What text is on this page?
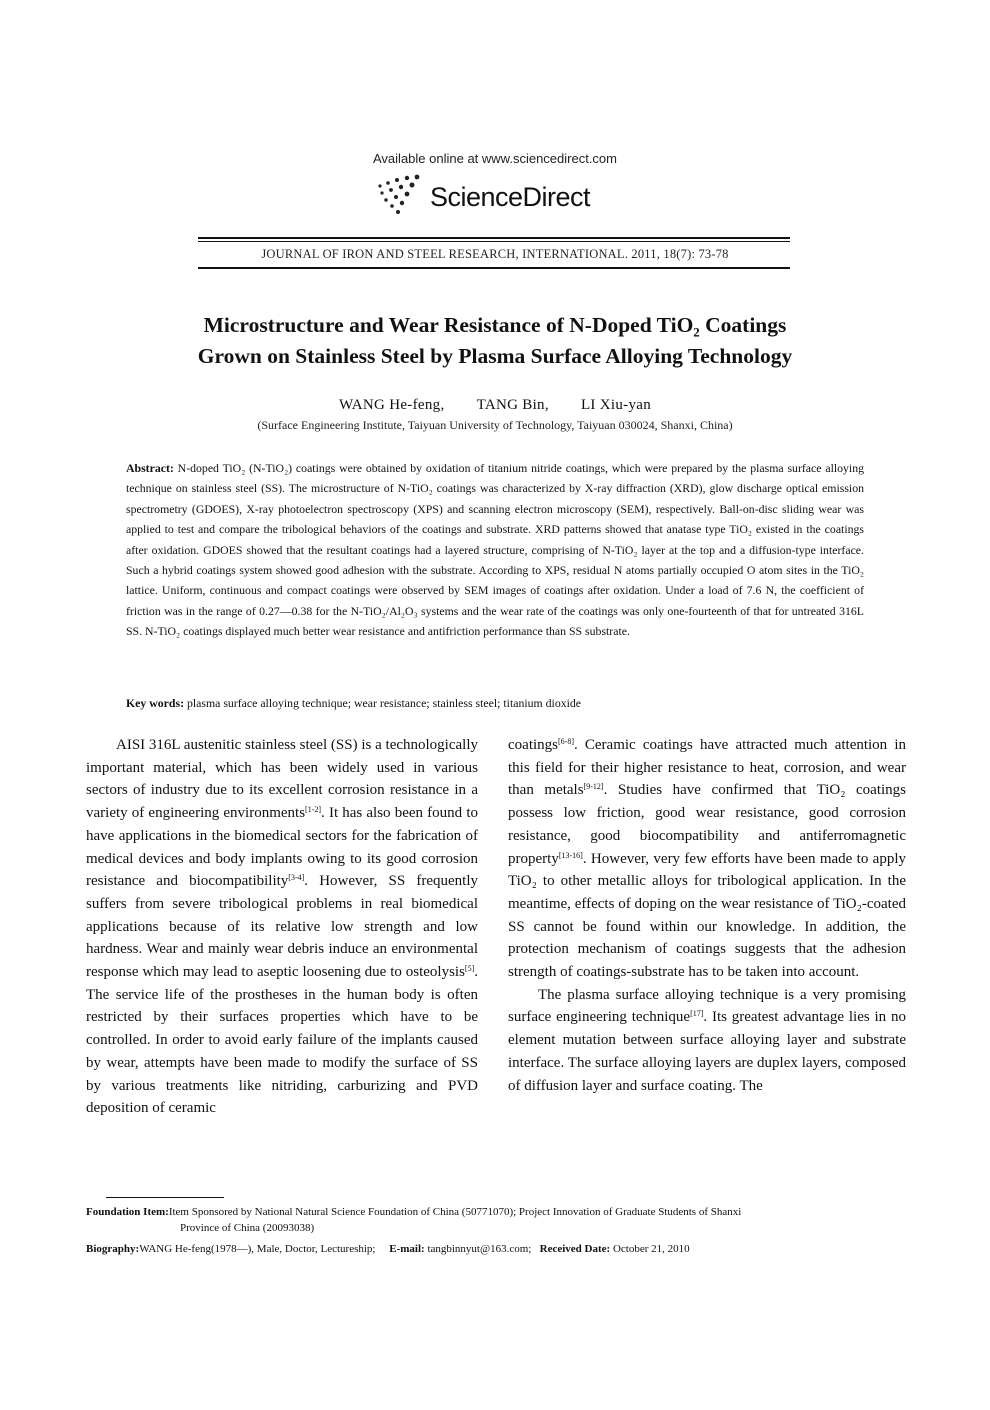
Available online at www.sciencedirect.com
ScienceDirect
JOURNAL OF IRON AND STEEL RESEARCH, INTERNATIONAL. 2011, 18(7): 73-78
Microstructure and Wear Resistance of N-Doped TiO₂ Coatings
Grown on Stainless Steel by Plasma Surface Alloying Technology
WANG He-feng, TANG Bin, LI Xiu-yan
(Surface Engineering Institute, Taiyuan University of Technology, Taiyuan 030024, Shanxi, China)
Abstract: N-doped TiO₂ (N-TiO₂) coatings were obtained by oxidation of titanium nitride coatings, which were prepared by the plasma surface alloying technique on stainless steel (SS). The microstructure of N-TiO₂ coatings was characterized by X-ray diffraction (XRD), glow discharge optical emission spectrometry (GDOES), X-ray photoelectron spectroscopy (XPS) and scanning electron microscopy (SEM), respectively. Ball-on-disc sliding wear was applied to test and compare the tribological behaviors of the coatings and substrate. XRD patterns showed that anatase type TiO₂ existed in the coatings after oxidation. GDOES showed that the resultant coatings had a layered structure, comprising of N-TiO₂ layer at the top and a diffusion-type interface. Such a hybrid coatings system showed good adhesion with the substrate. According to XPS, residual N atoms partially occupied O atom sites in the TiO₂ lattice. Uniform, continuous and compact coatings were observed by SEM images of coatings after oxidation. Under a load of 7.6 N, the coefficient of friction was in the range of 0.27—0.38 for the N-TiO₂/Al₂O₃ systems and the wear rate of the coatings was only one-fourteenth of that for untreated 316L SS. N-TiO₂ coatings displayed much better wear resistance and antifriction performance than SS substrate.
Key words: plasma surface alloying technique; wear resistance; stainless steel; titanium dioxide

AISI 316L austenitic stainless steel (SS) is a technologically important material, which has been widely used in various sectors of industry due to its excellent corrosion resistance in a variety of engineering environments[1-2]. It has also been found to have applications in the biomedical sectors for the fabrication of medical devices and body implants owing to its good corrosion resistance and biocompatibility[3-4]. However, SS frequently suffers from severe tribological problems in real biomedical applications because of its relative low strength and low hardness. Wear and mainly wear debris induce an environmental response which may lead to aseptic loosening due to osteolysis[5]. The service life of the prostheses in the human body is often restricted by their surfaces properties which have to be controlled. In order to avoid early failure of the implants caused by wear, attempts have been made to modify the surface of SS by various treatments like nitriding, carburizing and PVD deposition of ceramic

coatings[6-8]. Ceramic coatings have attracted much attention in this field for their higher resistance to heat, corrosion, and wear than metals[9-12]. Studies have confirmed that TiO₂ coatings possess low friction, good wear resistance, good corrosion resistance, good biocompatibility and antiferromagnetic property[13-16]. However, very few efforts have been made to apply TiO₂ to other metallic alloys for tribological application. In the meantime, effects of doping on the wear resistance of TiO₂-coated SS cannot be found within our knowledge. In addition, the protection mechanism of coatings suggests that the adhesion strength of coatings-substrate has to be taken into account.

The plasma surface alloying technique is a very promising surface engineering technique[17]. Its greatest advantage lies in no element mutation between surface alloying layer and substrate interface. The surface alloying layers are duplex layers, composed of diffusion layer and surface coating. The

Foundation Item:Item Sponsored by National Natural Science Foundation of China (50771070); Project Innovation of Graduate Students of Shanxi
Province of China (20093038)
Biography:WANG He-feng(1978—), Male, Doctor, Lectureship; E-mail: tangbinnyut@163.com; Received Date: October 21, 2010
